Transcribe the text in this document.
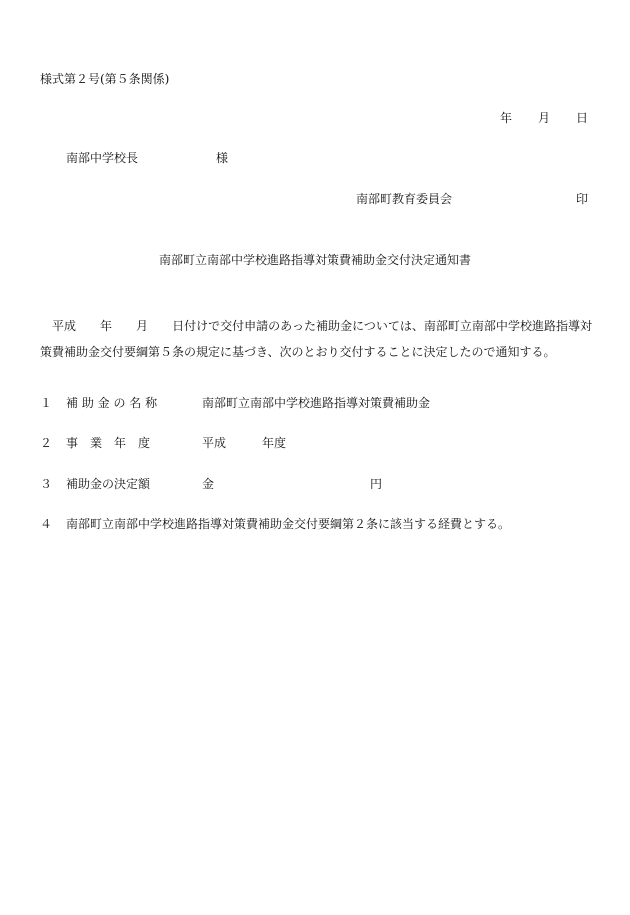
様式第２号(第５条関係)
年 月 日
南部中学校長	様
南部町教育委員会	印
南部町立南部中学校進路指導対策費補助金交付決定通知書
平成　　年　　月　　日付けで交付申請のあった補助金については、南部町立南部中学校進路指導対策費補助金交付要綱第５条の規定に基づき、次のとおり交付することに決定したので通知する。
１ 補 助 金 の 名 称	南部町立南部中学校進路指導対策費補助金
２ 事　業　年　度	平成　　　年度
３ 補助金の決定額	金　　　　　　　　　　　　　円
４ 南部町立南部中学校進路指導対策費補助金交付要綱第２条に該当する経費とする。
